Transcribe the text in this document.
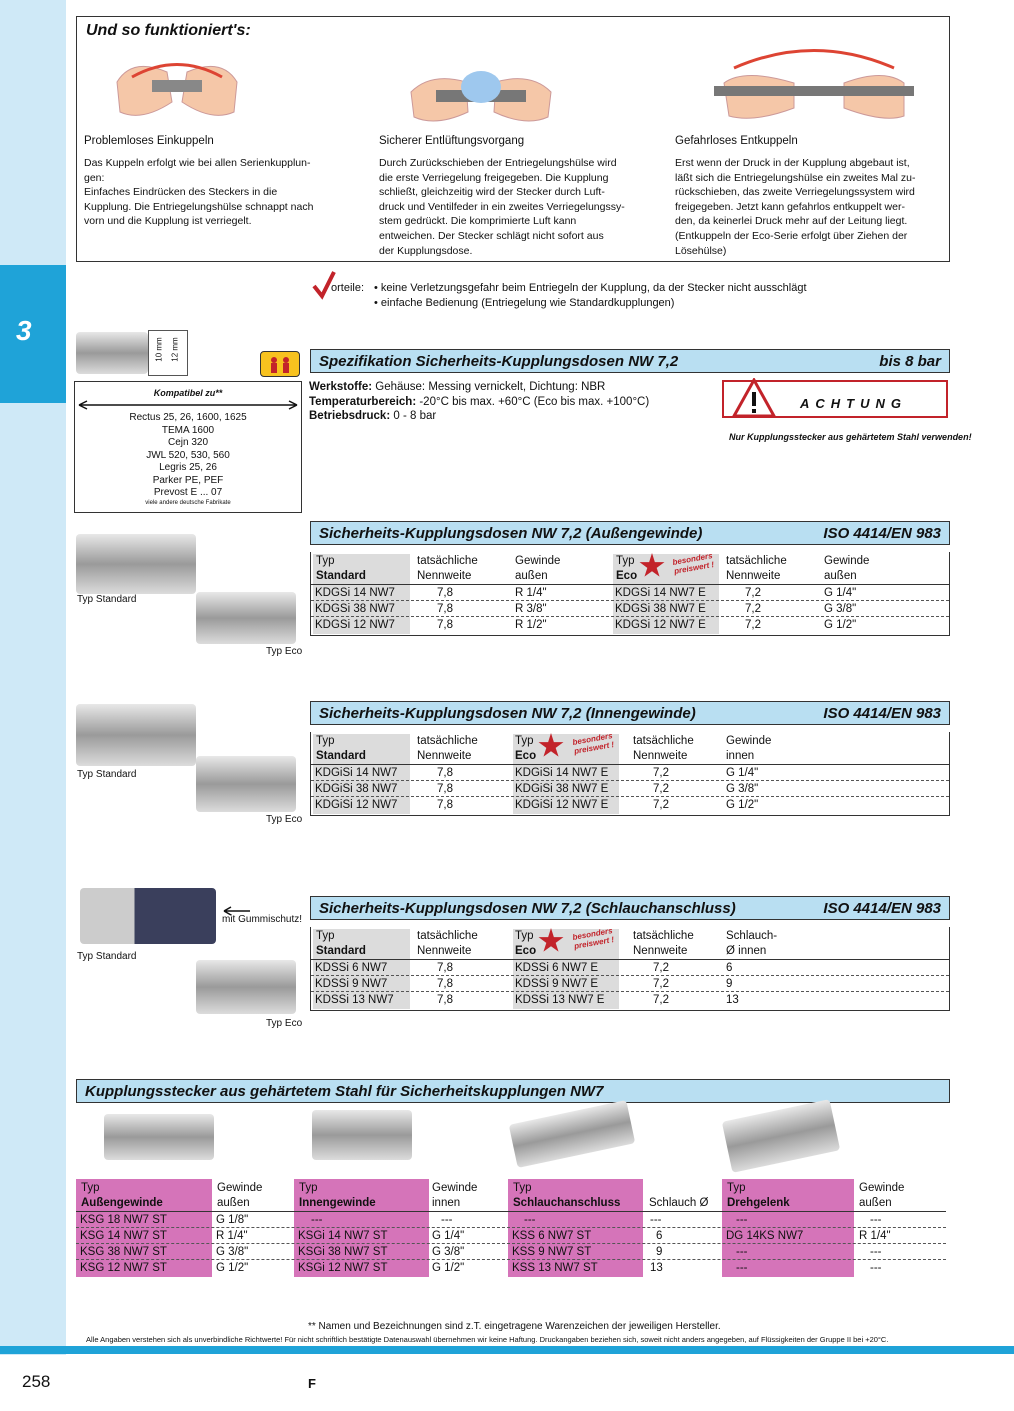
3
Und so funktioniert's:
Problemloses Einkuppeln
Das Kuppeln erfolgt wie bei allen Serienkupplun-
gen:
Einfaches Eindrücken des Steckers in die
Kupplung. Die Entriegelungshülse schnappt nach
vorn und die Kupplung ist verriegelt.
Sicherer Entlüftungsvorgang
Durch Zurückschieben der Entriegelungshülse wird
die erste Verriegelung freigegeben. Die Kupplung
schließt, gleichzeitig wird der Stecker durch Luft-
druck und Ventilfeder in ein zweites Verriegelungssy-
stem gedrückt. Die komprimierte Luft kann
entweichen. Der Stecker schlägt nicht sofort aus
der Kupplungsdose.
Gefahrloses Entkuppeln
Erst wenn der Druck in der Kupplung abgebaut ist,
läßt sich die Entriegelungshülse ein zweites Mal zu-
rückschieben, das zweite Verriegelungssystem wird
freigegeben. Jetzt kann gefahrlos entkuppelt wer-
den, da keinerlei Druck mehr auf der Leitung liegt.
(Entkuppeln der Eco-Serie erfolgt über Ziehen der
Lösehülse)
orteile: • keine Verletzungsgefahr beim Entriegeln der Kupplung, da der Stecker nicht ausschlägt
• einfache Bedienung (Entriegelung wie Standardkupplungen)
10 mm 12 mm	Spezifikation Sicherheits-Kupplungsdosen NW 7,2	bis 8 bar
Werkstoffe: Gehäuse: Messing vernickelt, Dichtung: NBR
Temperaturbereich: -20°C bis max. +60°C (Eco bis max. +100°C)
Betriebsdruck: 0 - 8 bar
ACHTUNG
Nur Kupplungsstecker aus gehärtetem Stahl verwenden!
Kompatibel zu**
Rectus 25, 26, 1600, 1625
TEMA 1600
Cejn 320
JWL 520, 530, 560
Legris 25, 26
Parker PE, PEF
Prevost E ... 07
viele andere deutsche Fabrikate
Typ Standard
Typ Eco
Sicherheits-Kupplungsdosen NW 7,2 (Außengewinde)	ISO 4414/EN 983
Typ
Standard
tatsächliche
Nennweite
Gewinde
außen
Typ
Eco
besonders preiswert ! tatsächliche
Nennweite
Gewinde
außen
KDGSi 14 NW7	7,8	R 1/4"	KDGSi 14 NW7 E	7,2	G 1/4"
KDGSi 38 NW7	7,8	R 3/8"	KDGSi 38 NW7 E	7,2	G 3/8"
KDGSi 12 NW7	7,8	R 1/2"	KDGSi 12 NW7 E	7,2	G 1/2"
Typ Standard
Typ Eco
Sicherheits-Kupplungsdosen NW 7,2 (Innengewinde)	ISO 4414/EN 983
Typ
Standard
tatsächliche
Nennweite
Typ
Eco
besonders preiswert !	tatsächliche
Nennweite
Gewinde
innen
KDGiSi 14 NW7	7,8	KDGiSi 14 NW7 E	7,2	G 1/4"
KDGiSi 38 NW7	7,8	KDGiSi 38 NW7 E	7,2	G 3/8"
KDGiSi 12 NW7	7,8	KDGiSi 12 NW7 E	7,2	G 1/2"
mit Gummischutz!
Typ Standard
Typ Eco
Sicherheits-Kupplungsdosen NW 7,2 (Schlauchanschluss)	ISO 4414/EN 983
Typ
Standard
tatsächliche
Nennweite
Typ
Eco
besonders preiswert !	tatsächliche
Nennweite
Schlauch-
Ø innen
KDSSi 6 NW7	7,8	KDSSi 6 NW7 E	7,2	6
KDSSi 9 NW7	7,8	KDSSi 9 NW7 E	7,2	9
KDSSi 13 NW7	7,8	KDSSi 13 NW7 E	7,2	13
Kupplungsstecker aus gehärtetem Stahl für Sicherheitskupplungen NW7
Typ
Außengewinde
Gewinde
außen
Typ
Innengewinde
Gewinde
innen
Typ
Schlauchanschluss Schlauch Ø
Typ
Drehgelenk
Gewinde
außen
KSG 18 NW7 ST	G 1/8"	---	---	---	---	---	---
KSG 14 NW7 ST	R 1/4"	KSGi 14 NW7 ST	G 1/4"	KSS 6 NW7 ST	6	DG 14KS NW7	R 1/4"
KSG 38 NW7 ST	G 3/8"	KSGi 38 NW7 ST	G 3/8"	KSS 9 NW7 ST	9	---	---
KSG 12 NW7 ST	G 1/2"	KSGi 12 NW7 ST	G 1/2"	KSS 13 NW7 ST	13	---	---
** Namen und Bezeichnungen sind z.T. eingetragene Warenzeichen der jeweiligen Hersteller.
Alle Angaben verstehen sich als unverbindliche Richtwerte! Für nicht schriftlich bestätigte Datenauswahl übernehmen wir keine Haftung. Druckangaben beziehen sich, soweit nicht anders angegeben, auf Flüssigkeiten der Gruppe II bei +20°C.
258	F
